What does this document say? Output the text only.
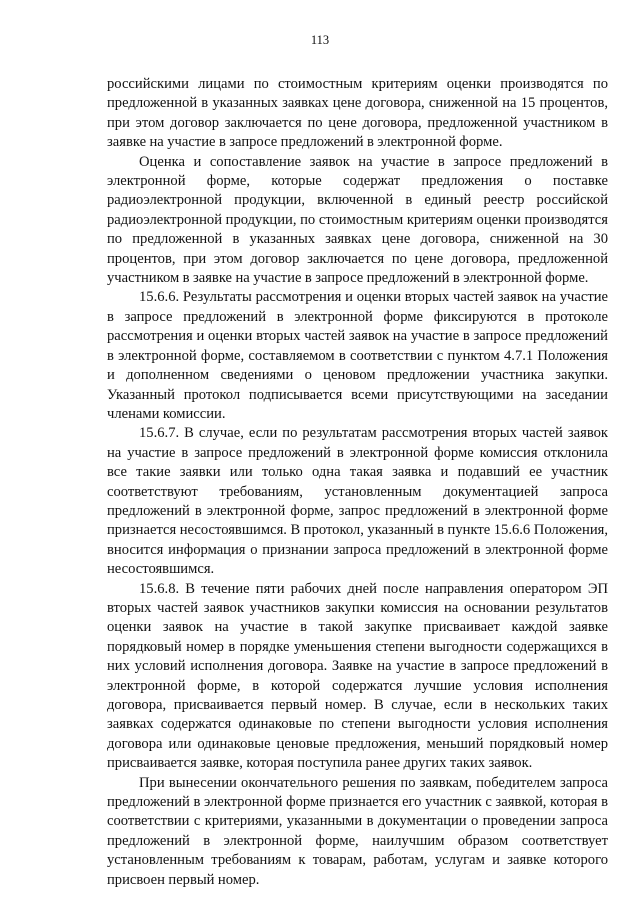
113

российскими лицами по стоимостным критериям оценки производятся по предложенной в указанных заявках цене договора, сниженной на 15 процентов, при этом договор заключается по цене договора, предложенной участником в заявке на участие в запросе предложений в электронной форме.

Оценка и сопоставление заявок на участие в запросе предложений в электронной форме, которые содержат предложения о поставке радиоэлектронной продукции, включенной в единый реестр российской радиоэлектронной продукции, по стоимостным критериям оценки производятся по предложенной в указанных заявках цене договора, сниженной на 30 процентов, при этом договор заключается по цене договора, предложенной участником в заявке на участие в запросе предложений в электронной форме.

15.6.6. Результаты рассмотрения и оценки вторых частей заявок на участие в запросе предложений в электронной форме фиксируются в протоколе рассмотрения и оценки вторых частей заявок на участие в запросе предложений в электронной форме, составляемом в соответствии с пунктом 4.7.1 Положения и дополненном сведениями о ценовом предложении участника закупки. Указанный протокол подписывается всеми присутствующими на заседании членами комиссии.

15.6.7. В случае, если по результатам рассмотрения вторых частей заявок на участие в запросе предложений в электронной форме комиссия отклонила все такие заявки или только одна такая заявка и подавший ее участник соответствуют требованиям, установленным документацией запроса предложений в электронной форме, запрос предложений в электронной форме признается несостоявшимся. В протокол, указанный в пункте 15.6.6 Положения, вносится информация о признании запроса предложений в электронной форме несостоявшимся.

15.6.8. В течение пяти рабочих дней после направления оператором ЭП вторых частей заявок участников закупки комиссия на основании результатов оценки заявок на участие в такой закупке присваивает каждой заявке порядковый номер в порядке уменьшения степени выгодности содержащихся в них условий исполнения договора. Заявке на участие в запросе предложений в электронной форме, в которой содержатся лучшие условия исполнения договора, присваивается первый номер. В случае, если в нескольких таких заявках содержатся одинаковые по степени выгодности условия исполнения договора или одинаковые ценовые предложения, меньший порядковый номер присваивается заявке, которая поступила ранее других таких заявок.

При вынесении окончательного решения по заявкам, победителем запроса предложений в электронной форме признается его участник с заявкой, которая в соответствии с критериями, указанными в документации о проведении запроса предложений в электронной форме, наилучшим образом соответствует установленным требованиям к товарам, работам, услугам и заявке которого присвоен первый номер.
